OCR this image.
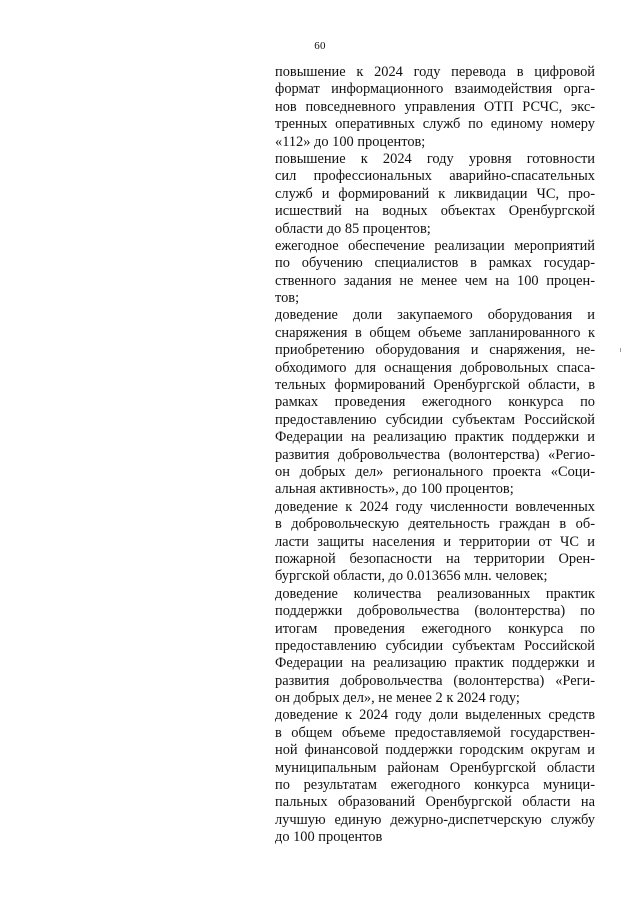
60
повышение к 2024 году перевода в цифровой
формат информационного взаимодействия орга-
нов повседневного управления ОТП РСЧС, экс-
тренных оперативных служб по единому номеру
«112» до 100 процентов;
повышение к 2024 году уровня готовности
сил профессиональных аварийно-спасательных
служб и формирований к ликвидации ЧС, про-
исшествий на водных объектах Оренбургской
области до 85 процентов;
ежегодное обеспечение реализации мероприятий
по обучению специалистов в рамках государ-
ственного задания не менее чем на 100 процен-
тов;
доведение доли закупаемого оборудования и
снаряжения в общем объеме запланированного к
приобретению оборудования и снаряжения, не-
обходимого для оснащения добровольных спаса-
тельных формирований Оренбургской области, в
рамках проведения ежегодного конкурса по
предоставлению субсидии субъектам Российской
Федерации на реализацию практик поддержки и
развития добровольчества (волонтерства) «Регио-
он добрых дел» регионального проекта «Соци-
альная активность», до 100 процентов;
доведение к 2024 году численности вовлеченных
в добровольческую деятельность граждан в об-
ласти защиты населения и территории от ЧС и
пожарной безопасности на территории Орен-
бургской области, до 0.013656 млн. человек;
доведение количества реализованных практик
поддержки добровольчества (волонтерства) по
итогам проведения ежегодного конкурса по
предоставлению субсидии субъектам Российской
Федерации на реализацию практик поддержки и
развития добровольчества (волонтерства) «Реги-
он добрых дел», не менее 2 к 2024 году;
доведение к 2024 году доли выделенных средств
в общем объеме предоставляемой государствен-
ной финансовой поддержки городским округам и
муниципальным районам Оренбургской области
по результатам ежегодного конкурса муници-
пальных образований Оренбургской области на
лучшую единую дежурно-диспетчерскую службу
до 100 процентов
